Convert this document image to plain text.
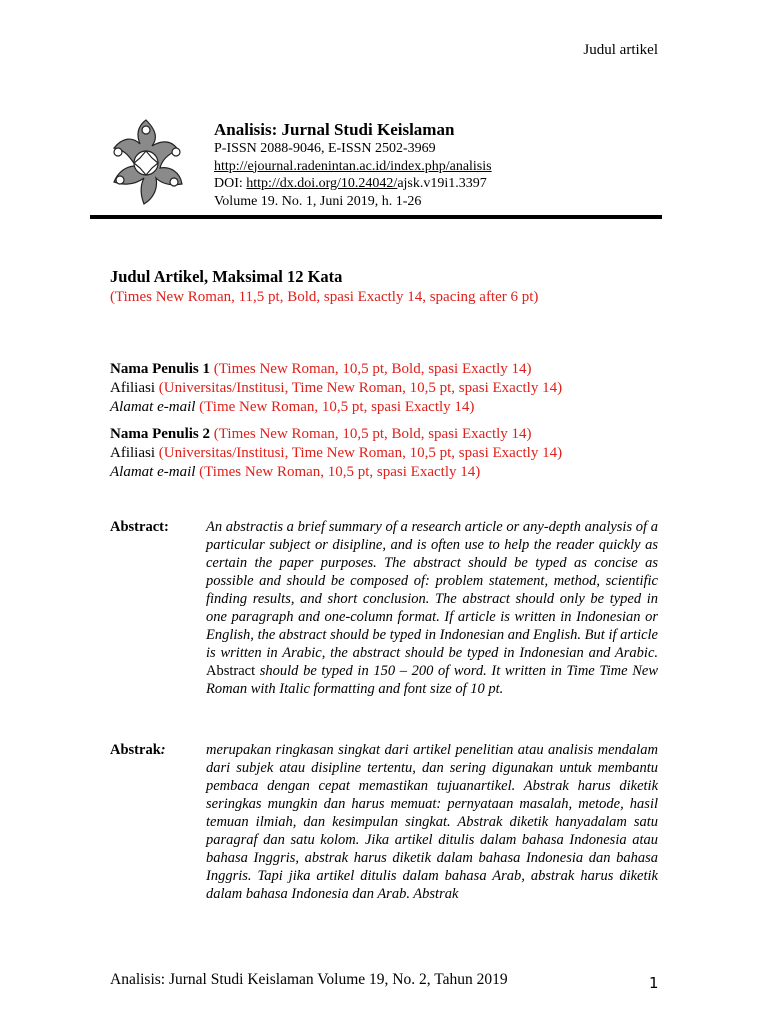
Judul artikel
Analisis: Jurnal Studi Keislaman
P-ISSN 2088-9046, E-ISSN 2502-3969
http://ejournal.radenintan.ac.id/index.php/analisis
DOI: http://dx.doi.org/10.24042/ajsk.v19i1.3397
Volume 19. No. 1, Juni 2019, h. 1-26
Judul Artikel, Maksimal 12 Kata
(Times New Roman, 11,5 pt, Bold, spasi Exactly 14, spacing after 6 pt)
Nama Penulis 1 (Times New Roman, 10,5 pt, Bold, spasi Exactly 14)
Afiliasi (Universitas/Institusi, Time New Roman, 10,5 pt, spasi Exactly 14)
Alamat e-mail (Time New Roman, 10,5 pt, spasi Exactly 14)
Nama Penulis 2 (Times New Roman, 10,5 pt, Bold, spasi Exactly 14)
Afiliasi (Universitas/Institusi, Time New Roman, 10,5 pt, spasi Exactly 14)
Alamat e-mail (Times New Roman, 10,5 pt, spasi Exactly 14)
Abstract:	An abstractis a brief summary of a research article or any-depth analysis of a particular subject or disipline, and is often use to help the reader quickly as certain the paper purposes. The abstract should be typed as concise as possible and should be composed of: problem statement, method, scientific finding results, and short conclusion. The abstract should only be typed in one paragraph and one-column format. If article is written in Indonesian or English, the abstract should be typed in Indonesian and English. But if article is written in Arabic, the abstract should be typed in Indonesian and Arabic. Abstract should be typed in 150 – 200 of word. It written in Time Time New Roman with Italic formatting and font size of 10 pt.
Abstrak:	merupakan ringkasan singkat dari artikel penelitian atau analisis mendalam dari subjek atau disipline tertentu, dan sering digunakan untuk membantu pembaca dengan cepat memastikan tujuanartikel. Abstrak harus diketik seringkas mungkin dan harus memuat: pernyataan masalah, metode, hasil temuan ilmiah, dan kesimpulan singkat. Abstrak diketik hanyadalam satu paragraf dan satu kolom. Jika artikel ditulis dalam bahasa Indonesia atau bahasa Inggris, abstrak harus diketik dalam bahasa Indonesia dan bahasa Inggris. Tapi jika artikel ditulis dalam bahasa Arab, abstrak harus diketik dalam bahasa Indonesia dan Arab. Abstrak
Analisis: Jurnal Studi Keislaman Volume 19, No. 2, Tahun 2019	1
